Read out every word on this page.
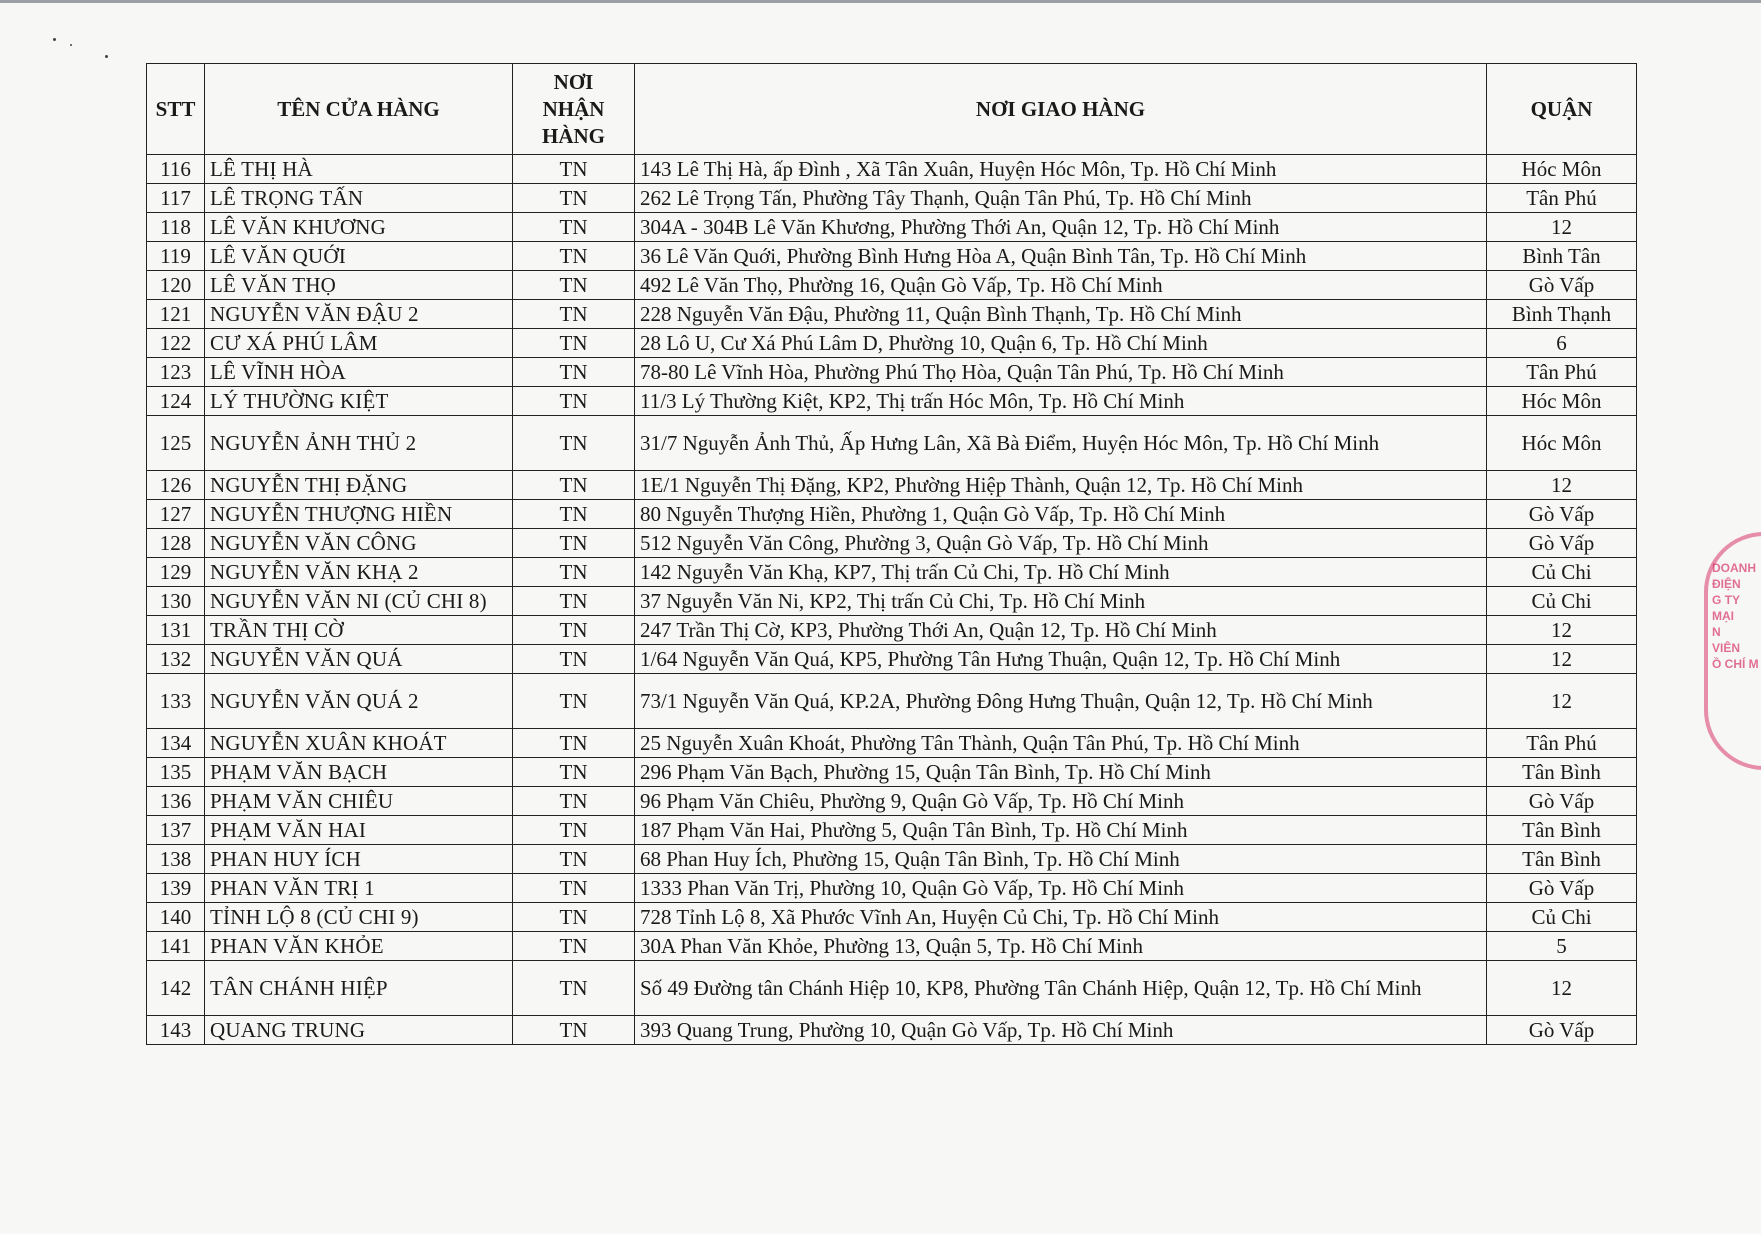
STT	TÊN CỬA HÀNG	NƠI
NHẬN
HÀNG	NƠI GIAO HÀNG	QUẬN
116	LÊ THỊ HÀ	TN	143 Lê Thị Hà, ấp Đình , Xã Tân Xuân, Huyện Hóc Môn, Tp. Hồ Chí Minh	Hóc Môn
117	LÊ TRỌNG TẤN	TN	262 Lê Trọng Tấn, Phường Tây Thạnh, Quận Tân Phú, Tp. Hồ Chí Minh	Tân Phú
118	LÊ VĂN KHƯƠNG	TN	304A - 304B Lê Văn Khương, Phường Thới An, Quận 12, Tp. Hồ Chí Minh	12
119	LÊ VĂN QUỚI	TN	36 Lê Văn Quới, Phường Bình Hưng Hòa A, Quận Bình Tân, Tp. Hồ Chí Minh	Bình Tân
120	LÊ VĂN THỌ	TN	492 Lê Văn Thọ, Phường 16, Quận Gò Vấp, Tp. Hồ Chí Minh	Gò Vấp
121	NGUYỄN VĂN ĐẬU 2	TN	228 Nguyễn Văn Đậu, Phường 11, Quận Bình Thạnh, Tp. Hồ Chí Minh	Bình Thạnh
122	CƯ XÁ PHÚ LÂM	TN	28 Lô U, Cư Xá Phú Lâm D, Phường 10, Quận 6, Tp. Hồ Chí Minh	6
123	LÊ VĨNH HÒA	TN	78-80 Lê Vĩnh Hòa, Phường Phú Thọ Hòa, Quận Tân Phú, Tp. Hồ Chí Minh	Tân Phú
124	LÝ THƯỜNG KIỆT	TN	11/3 Lý Thường Kiệt, KP2, Thị trấn Hóc Môn, Tp. Hồ Chí Minh	Hóc Môn
125	NGUYỄN ẢNH THỦ 2	TN	31/7 Nguyễn Ảnh Thủ, Ấp Hưng Lân, Xã Bà Điểm, Huyện Hóc Môn, Tp. Hồ Chí Minh	Hóc Môn
126	NGUYỄN THỊ ĐẶNG	TN	1E/1 Nguyễn Thị Đặng, KP2, Phường Hiệp Thành, Quận 12, Tp. Hồ Chí Minh	12
127	NGUYỄN THƯỢNG HIỀN	TN	80 Nguyễn Thượng Hiền, Phường 1, Quận Gò Vấp, Tp. Hồ Chí Minh	Gò Vấp
128	NGUYỄN VĂN CÔNG	TN	512 Nguyễn Văn Công, Phường 3, Quận Gò Vấp, Tp. Hồ Chí Minh	Gò Vấp
129	NGUYỄN VĂN KHẠ 2	TN	142 Nguyễn Văn Khạ, KP7, Thị trấn Củ Chi, Tp. Hồ Chí Minh	Củ Chi
130	NGUYỄN VĂN NI (CỦ CHI 8)	TN	37 Nguyễn Văn Ni, KP2, Thị trấn Củ Chi, Tp. Hồ Chí Minh	Củ Chi
131	TRẦN THỊ CỜ	TN	247 Trần Thị Cờ, KP3, Phường Thới An, Quận 12, Tp. Hồ Chí Minh	12
132	NGUYỄN VĂN QUÁ	TN	1/64 Nguyễn Văn Quá, KP5, Phường Tân Hưng Thuận, Quận 12, Tp. Hồ Chí Minh	12
133	NGUYỄN VĂN QUÁ 2	TN	73/1 Nguyễn Văn Quá, KP.2A, Phường Đông Hưng Thuận, Quận 12, Tp. Hồ Chí Minh	12
134	NGUYỄN XUÂN KHOÁT	TN	25 Nguyễn Xuân Khoát, Phường Tân Thành, Quận Tân Phú, Tp. Hồ Chí Minh	Tân Phú
135	PHẠM VĂN BẠCH	TN	296 Phạm Văn Bạch, Phường 15, Quận Tân Bình, Tp. Hồ Chí Minh	Tân Bình
136	PHẠM VĂN CHIÊU	TN	96 Phạm Văn Chiêu, Phường 9, Quận Gò Vấp, Tp. Hồ Chí Minh	Gò Vấp
137	PHẠM VĂN HAI	TN	187 Phạm Văn Hai, Phường 5, Quận Tân Bình, Tp. Hồ Chí Minh	Tân Bình
138	PHAN HUY ÍCH	TN	68 Phan Huy Ích, Phường 15, Quận Tân Bình, Tp. Hồ Chí Minh	Tân Bình
139	PHAN VĂN TRỊ 1	TN	1333 Phan Văn Trị, Phường 10, Quận Gò Vấp, Tp. Hồ Chí Minh	Gò Vấp
140	TỈNH LỘ 8 (CỦ CHI 9)	TN	728 Tỉnh Lộ 8, Xã Phước Vĩnh An, Huyện Củ Chi, Tp. Hồ Chí Minh	Củ Chi
141	PHAN VĂN KHỎE	TN	30A Phan Văn Khỏe, Phường 13, Quận 5, Tp. Hồ Chí Minh	5
142	TÂN CHÁNH HIỆP	TN	Số 49 Đường tân Chánh Hiệp 10, KP8, Phường Tân Chánh Hiệp, Quận 12, Tp. Hồ Chí Minh	12
143	QUANG TRUNG	TN	393 Quang Trung, Phường 10, Quận Gò Vấp, Tp. Hồ Chí Minh	Gò Vấp
DOANH
ĐIỆN
G TY
MẠI
N
VIÊN
Ồ CHÍ M
